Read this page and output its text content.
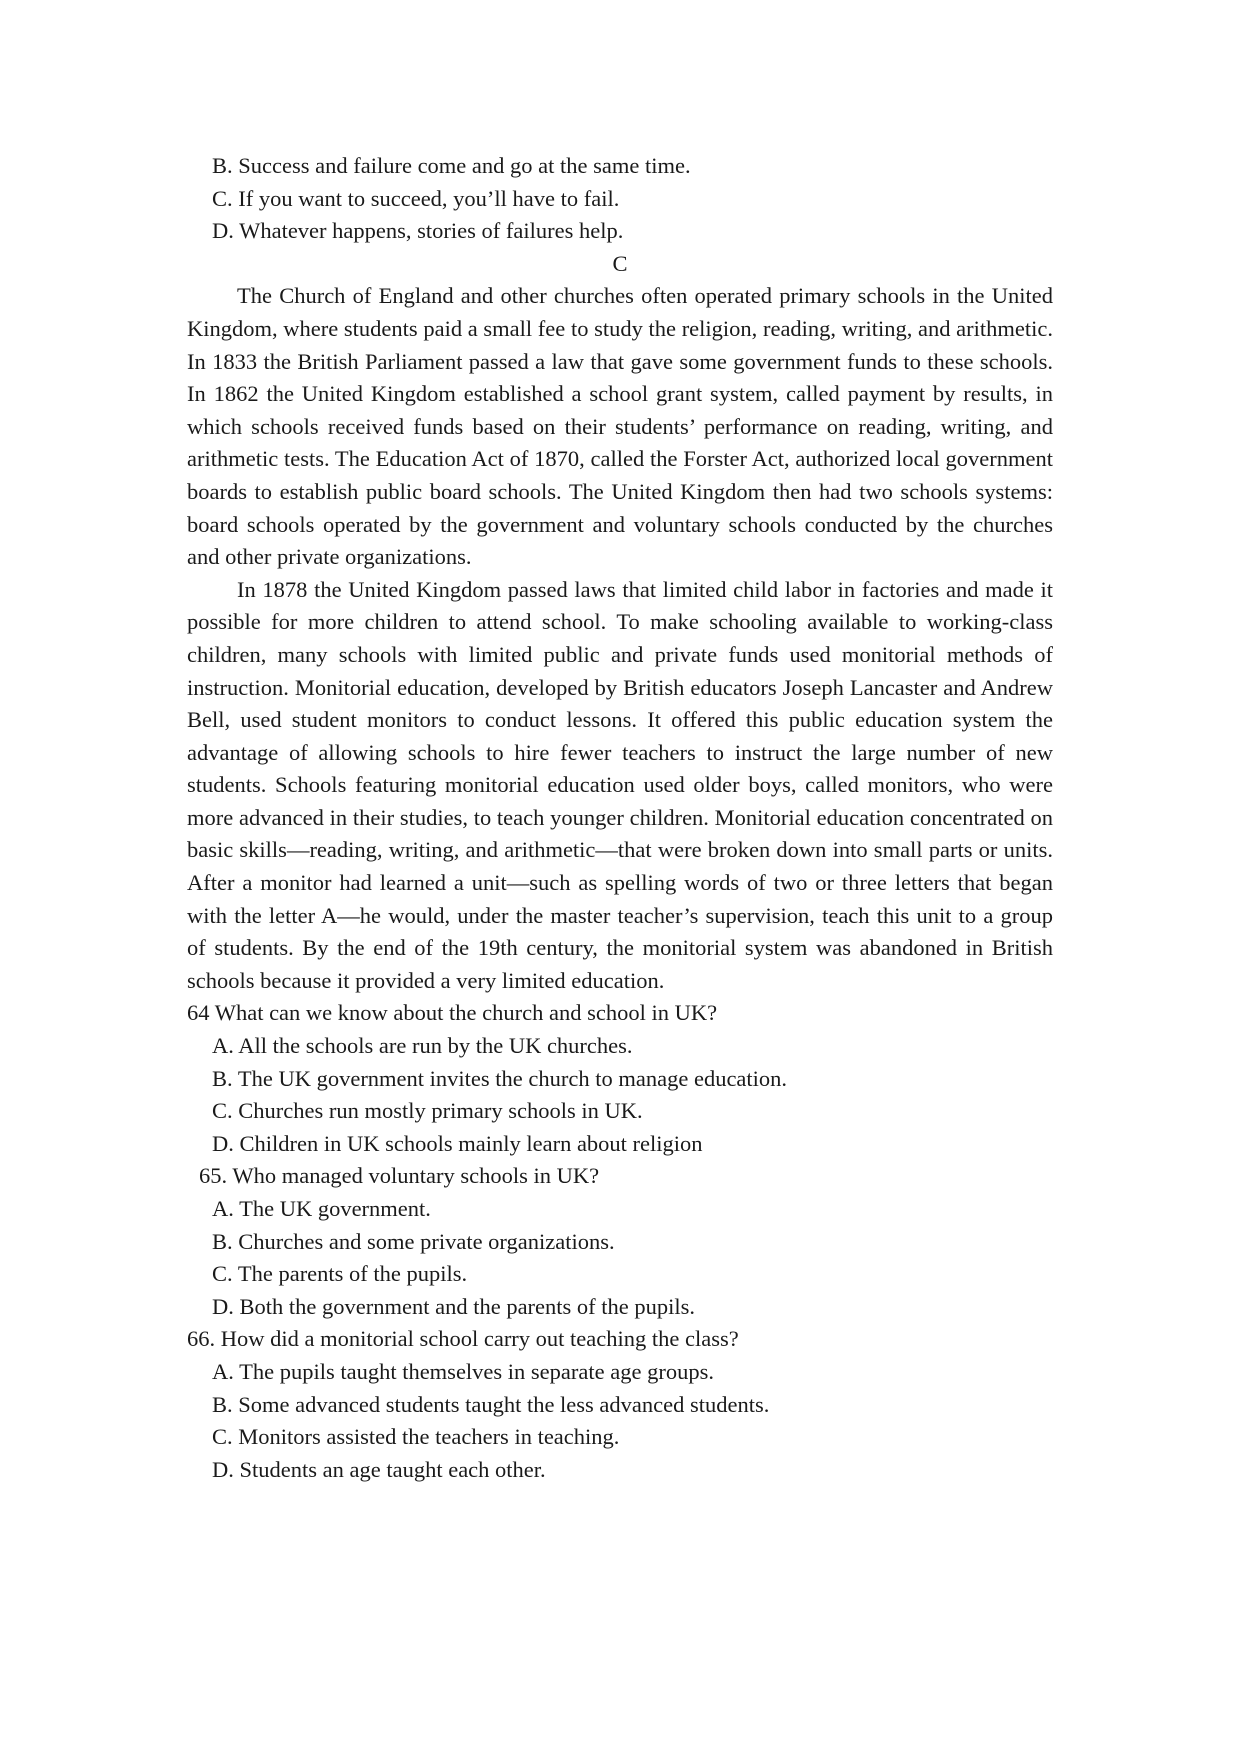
B. Success and failure come and go at the same time.
C. If you want to succeed, you’ll have to fail.
D. Whatever happens, stories of failures help.
C

The Church of England and other churches often operated primary schools in the United Kingdom, where students paid a small fee to study the religion, reading, writing, and arithmetic. In 1833 the British Parliament passed a law that gave some government funds to these schools. In 1862 the United Kingdom established a school grant system, called payment by results, in which schools received funds based on their students’ performance on reading, writing, and arithmetic tests. The Education Act of 1870, called the Forster Act, authorized local government boards to establish public board schools. The United Kingdom then had two schools systems: board schools operated by the government and voluntary schools conducted by the churches and other private organizations.

In 1878 the United Kingdom passed laws that limited child labor in factories and made it possible for more children to attend school. To make schooling available to working-class children, many schools with limited public and private funds used monitorial methods of instruction. Monitorial education, developed by British educators Joseph Lancaster and Andrew Bell, used student monitors to conduct lessons. It offered this public education system the advantage of allowing schools to hire fewer teachers to instruct the large number of new students. Schools featuring monitorial education used older boys, called monitors, who were more advanced in their studies, to teach younger children. Monitorial education concentrated on basic skills—reading, writing, and arithmetic—that were broken down into small parts or units. After a monitor had learned a unit—such as spelling words of two or three letters that began with the letter A—he would, under the master teacher’s supervision, teach this unit to a group of students. By the end of the 19th century, the monitorial system was abandoned in British schools because it provided a very limited education.

64 What can we know about the church and school in UK?
A. All the schools are run by the UK churches.
B. The UK government invites the church to manage education.
C. Churches run mostly primary schools in UK.
D. Children in UK schools mainly learn about religion
65. Who managed voluntary schools in UK?
A. The UK government.
B. Churches and some private organizations.
C. The parents of the pupils.
D. Both the government and the parents of the pupils.
66. How did a monitorial school carry out teaching the class?
A. The pupils taught themselves in separate age groups.
B. Some advanced students taught the less advanced students.
C. Monitors assisted the teachers in teaching.
D. Students an age taught each other.
